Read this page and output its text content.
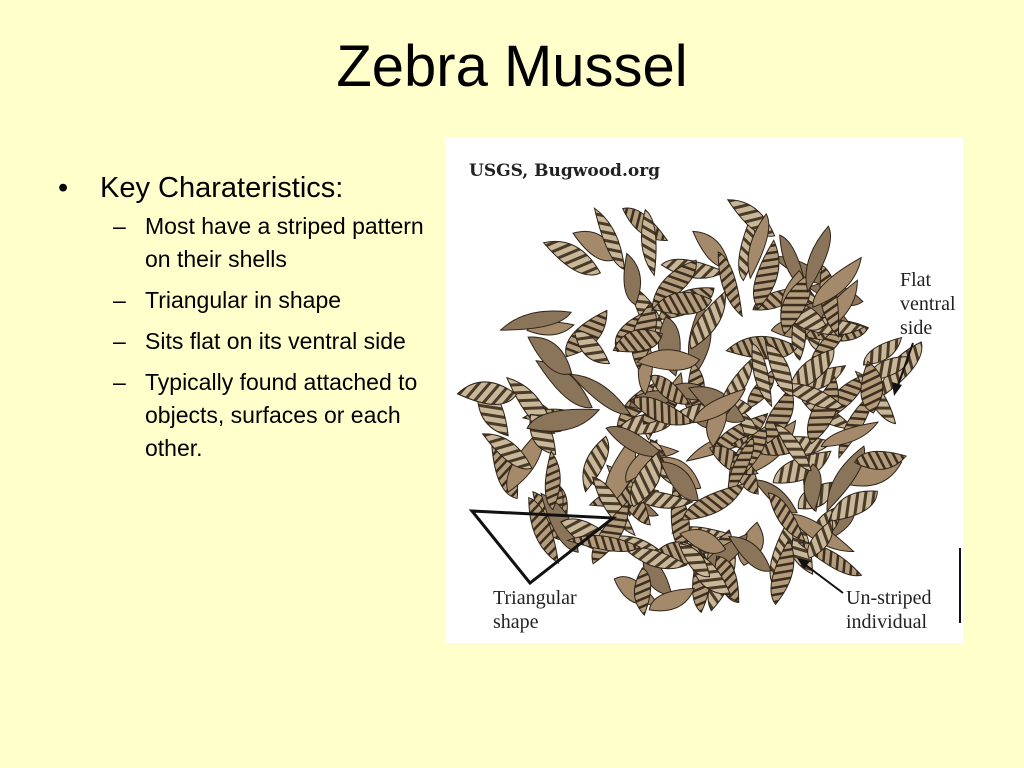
Zebra Mussel
• Key Charateristics:
– Most have a striped pattern on their shells
– Triangular in shape
– Sits flat on its ventral side
– Typically found attached to objects, surfaces or each other.
USGS, Bugwood.org
Flat
ventral
side
Triangular
shape
Un-striped
individual
